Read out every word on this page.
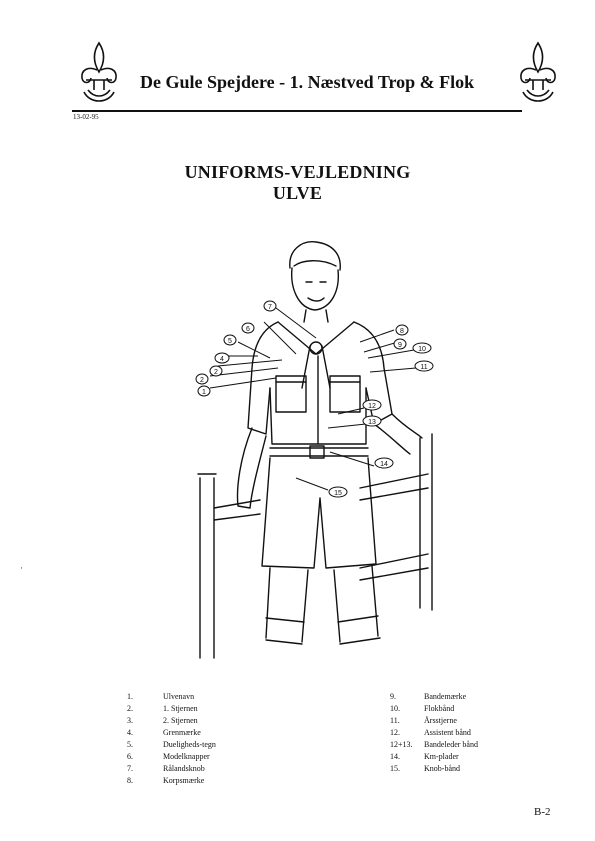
De Gule Spejdere - 1. Næstved Trop & Flok
13-02-95
UNIFORMS-VEJLEDNING
ULVE
1
2
2
4
5
6
7
8
9
10
11
12
13
14
15
·
1.	Ulvenavn
2.	1. Stjernen
3.	2. Stjernen
4.	Grenmærke
5.	Dueligheds-tegn
6.	Modelknapper
7.	Rålandsknob
8.	Korpsmærke
9.	Bandemærke
10.	Flokbånd
11.	Årsstjerne
12.	Assistent bånd
12+13.	Bandeleder bånd
14.	Km-plader
15.	Knob-bånd
B-2
